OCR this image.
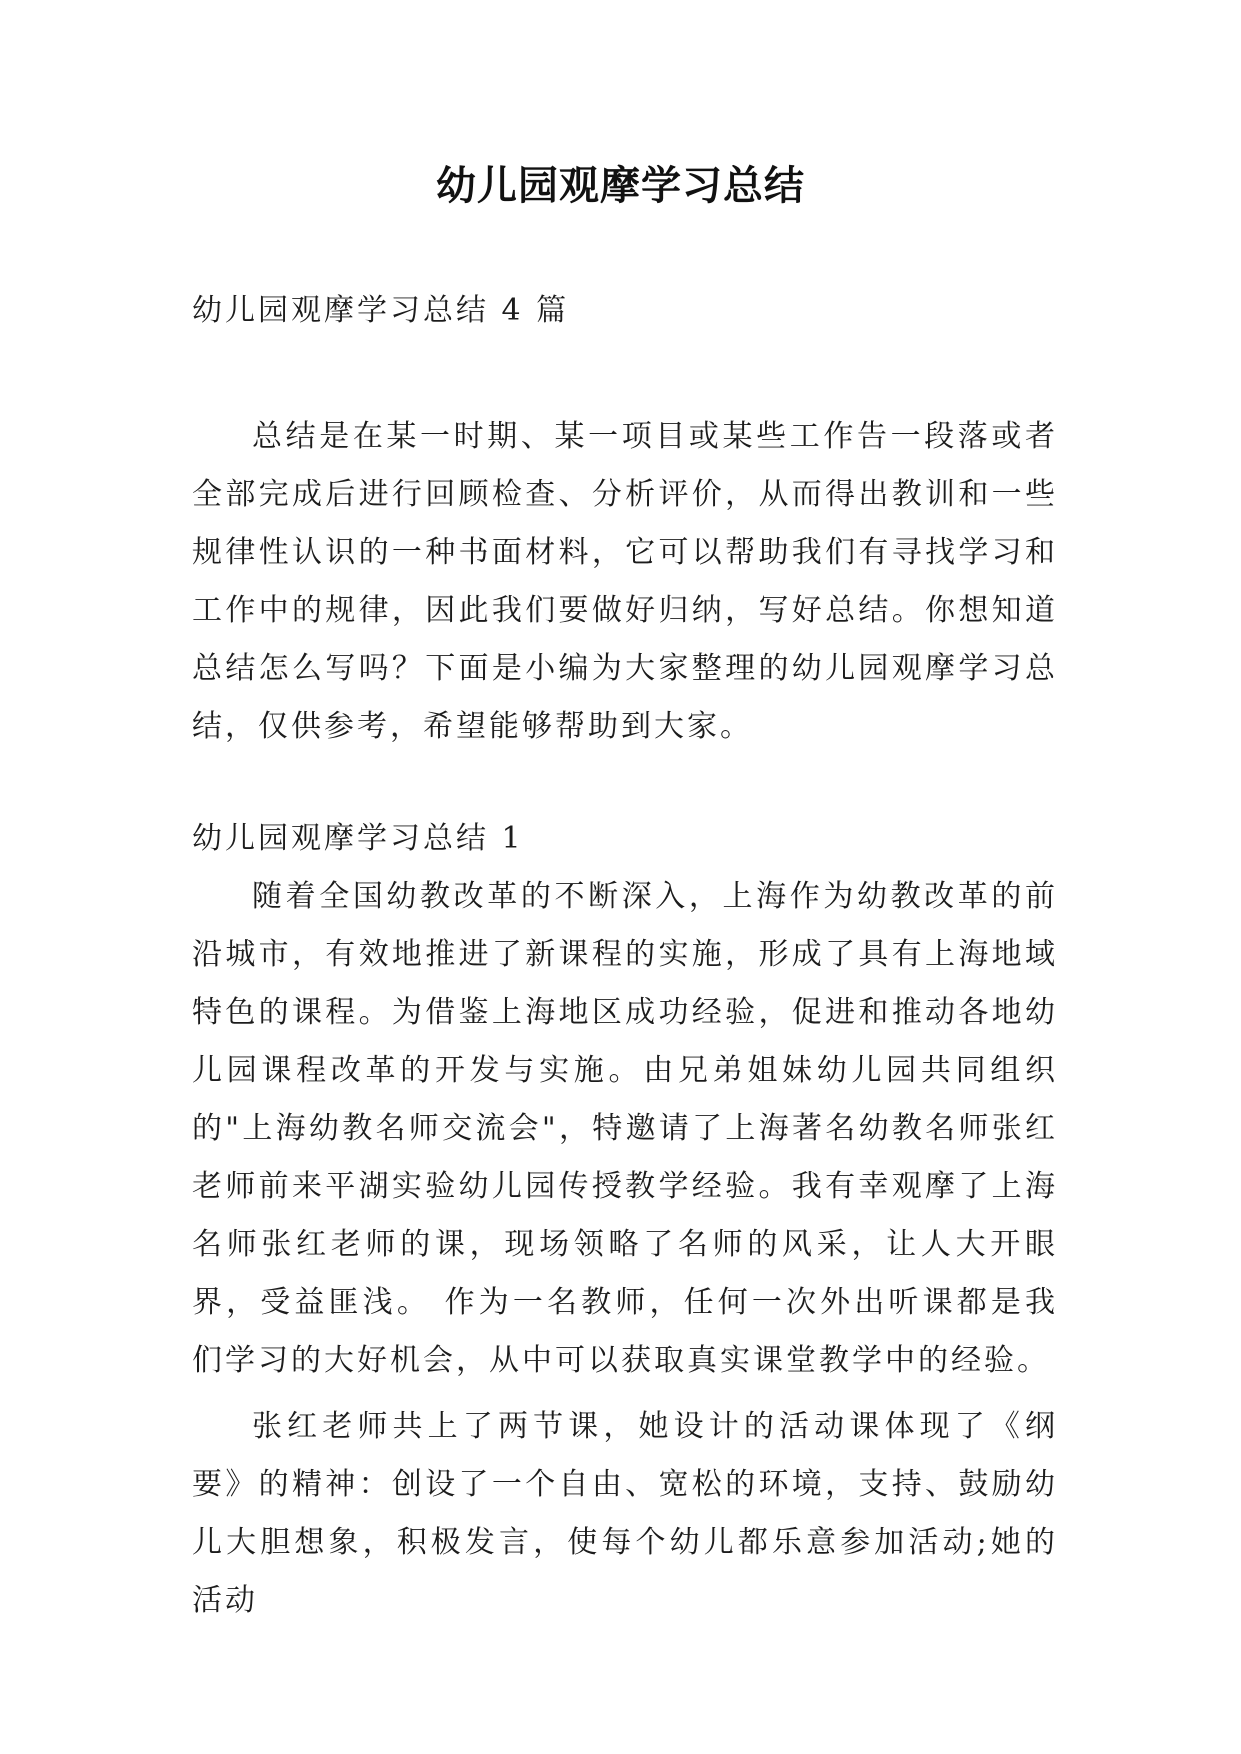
幼儿园观摩学习总结
幼儿园观摩学习总结 4 篇

总结是在某一时期、某一项目或某些工作告一段落或者全部完成后进行回顾检查、分析评价，从而得出教训和一些规律性认识的一种书面材料，它可以帮助我们有寻找学习和工作中的规律，因此我们要做好归纳，写好总结。你想知道总结怎么写吗？下面是小编为大家整理的幼儿园观摩学习总结，仅供参考，希望能够帮助到大家。

幼儿园观摩学习总结 1

随着全国幼教改革的不断深入，上海作为幼教改革的前沿城市，有效地推进了新课程的实施，形成了具有上海地域特色的课程。为借鉴上海地区成功经验，促进和推动各地幼儿园课程改革的开发与实施。由兄弟姐妹幼儿园共同组织的"上海幼教名师交流会"，特邀请了上海著名幼教名师张红老师前来平湖实验幼儿园传授教学经验。我有幸观摩了上海名师张红老师的课，现场领略了名师的风采，让人大开眼界，受益匪浅。 作为一名教师，任何一次外出听课都是我们学习的大好机会，从中可以获取真实课堂教学中的经验。

张红老师共上了两节课，她设计的活动课体现了《纲要》的精神：创设了一个自由、宽松的环境，支持、鼓励幼儿大胆想象，积极发言，使每个幼儿都乐意参加活动;她的活动
